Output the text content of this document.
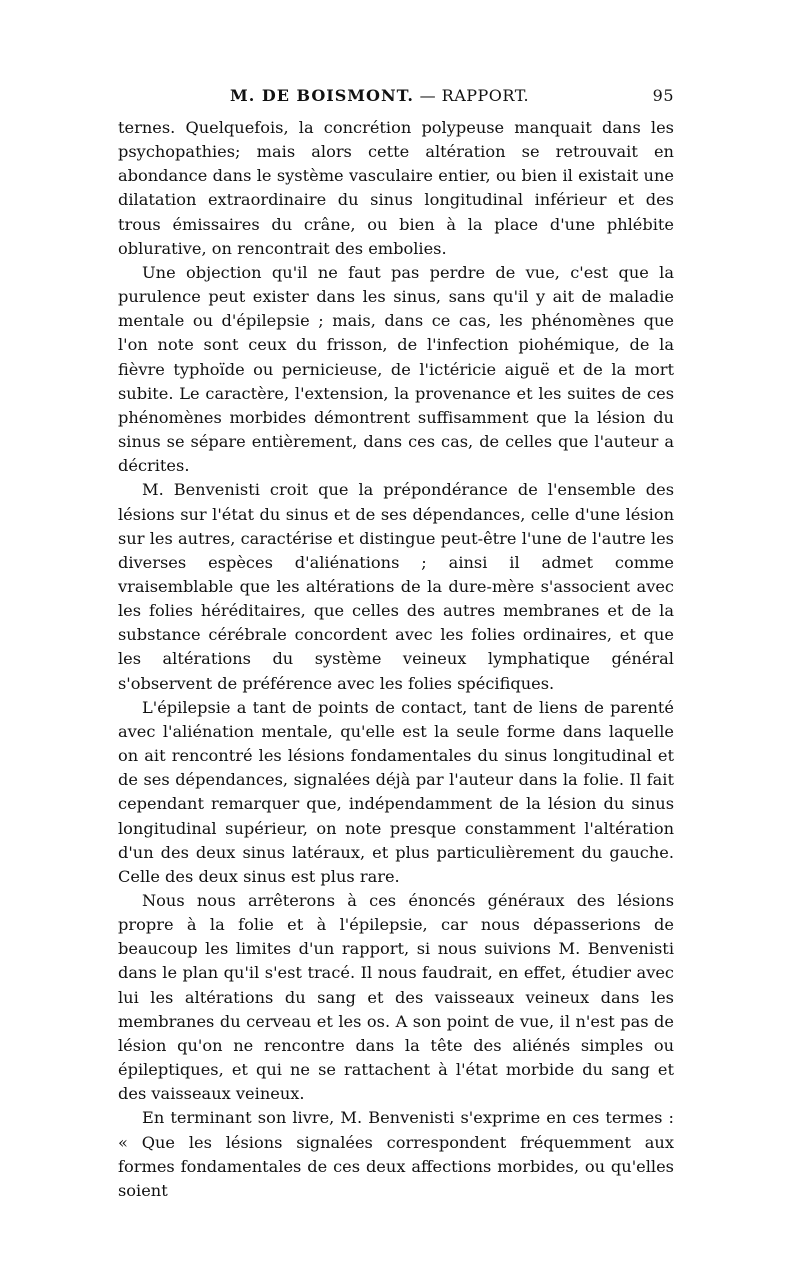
M. DE BOISMONT. — RAPPORT.	95

ternes. Quelquefois, la concrétion polypeuse manquait dans les psychopathies; mais alors cette altération se retrouvait en abondance dans le système vasculaire entier, ou bien il existait une dilatation extraordinaire du sinus longitudinal inférieur et des trous émissaires du crâne, ou bien à la place d'une phlébite oblurative, on rencontrait des embolies.

Une objection qu'il ne faut pas perdre de vue, c'est que la purulence peut exister dans les sinus, sans qu'il y ait de maladie mentale ou d'épilepsie ; mais, dans ce cas, les phénomènes que l'on note sont ceux du frisson, de l'infection piohémique, de la fièvre typhoïde ou pernicieuse, de l'ictéricie aiguë et de la mort subite. Le caractère, l'extension, la provenance et les suites de ces phénomènes morbides démontrent suffisamment que la lésion du sinus se sépare entièrement, dans ces cas, de celles que l'auteur a décrites.

M. Benvenisti croit que la prépondérance de l'ensemble des lésions sur l'état du sinus et de ses dépendances, celle d'une lésion sur les autres, caractérise et distingue peut-être l'une de l'autre les diverses espèces d'aliénations ; ainsi il admet comme vraisemblable que les altérations de la dure-mère s'associent avec les folies héréditaires, que celles des autres membranes et de la substance cérébrale concordent avec les folies ordinaires, et que les altérations du système veineux lymphatique général s'observent de préférence avec les folies spécifiques.

L'épilepsie a tant de points de contact, tant de liens de parenté avec l'aliénation mentale, qu'elle est la seule forme dans laquelle on ait rencontré les lésions fondamentales du sinus longitudinal et de ses dépendances, signalées déjà par l'auteur dans la folie. Il fait cependant remarquer que, indépendamment de la lésion du sinus longitudinal supérieur, on note presque constamment l'altération d'un des deux sinus latéraux, et plus particulièrement du gauche. Celle des deux sinus est plus rare.

Nous nous arrêterons à ces énoncés généraux des lésions propre à la folie et à l'épilepsie, car nous dépasserions de beaucoup les limites d'un rapport, si nous suivions M. Benvenisti dans le plan qu'il s'est tracé. Il nous faudrait, en effet, étudier avec lui les altérations du sang et des vaisseaux veineux dans les membranes du cerveau et les os. A son point de vue, il n'est pas de lésion qu'on ne rencontre dans la tête des aliénés simples ou épileptiques, et qui ne se rattachent à l'état morbide du sang et des vaisseaux veineux.

En terminant son livre, M. Benvenisti s'exprime en ces termes : « Que les lésions signalées correspondent fréquemment aux formes fondamentales de ces deux affections morbides, ou qu'elles soient
